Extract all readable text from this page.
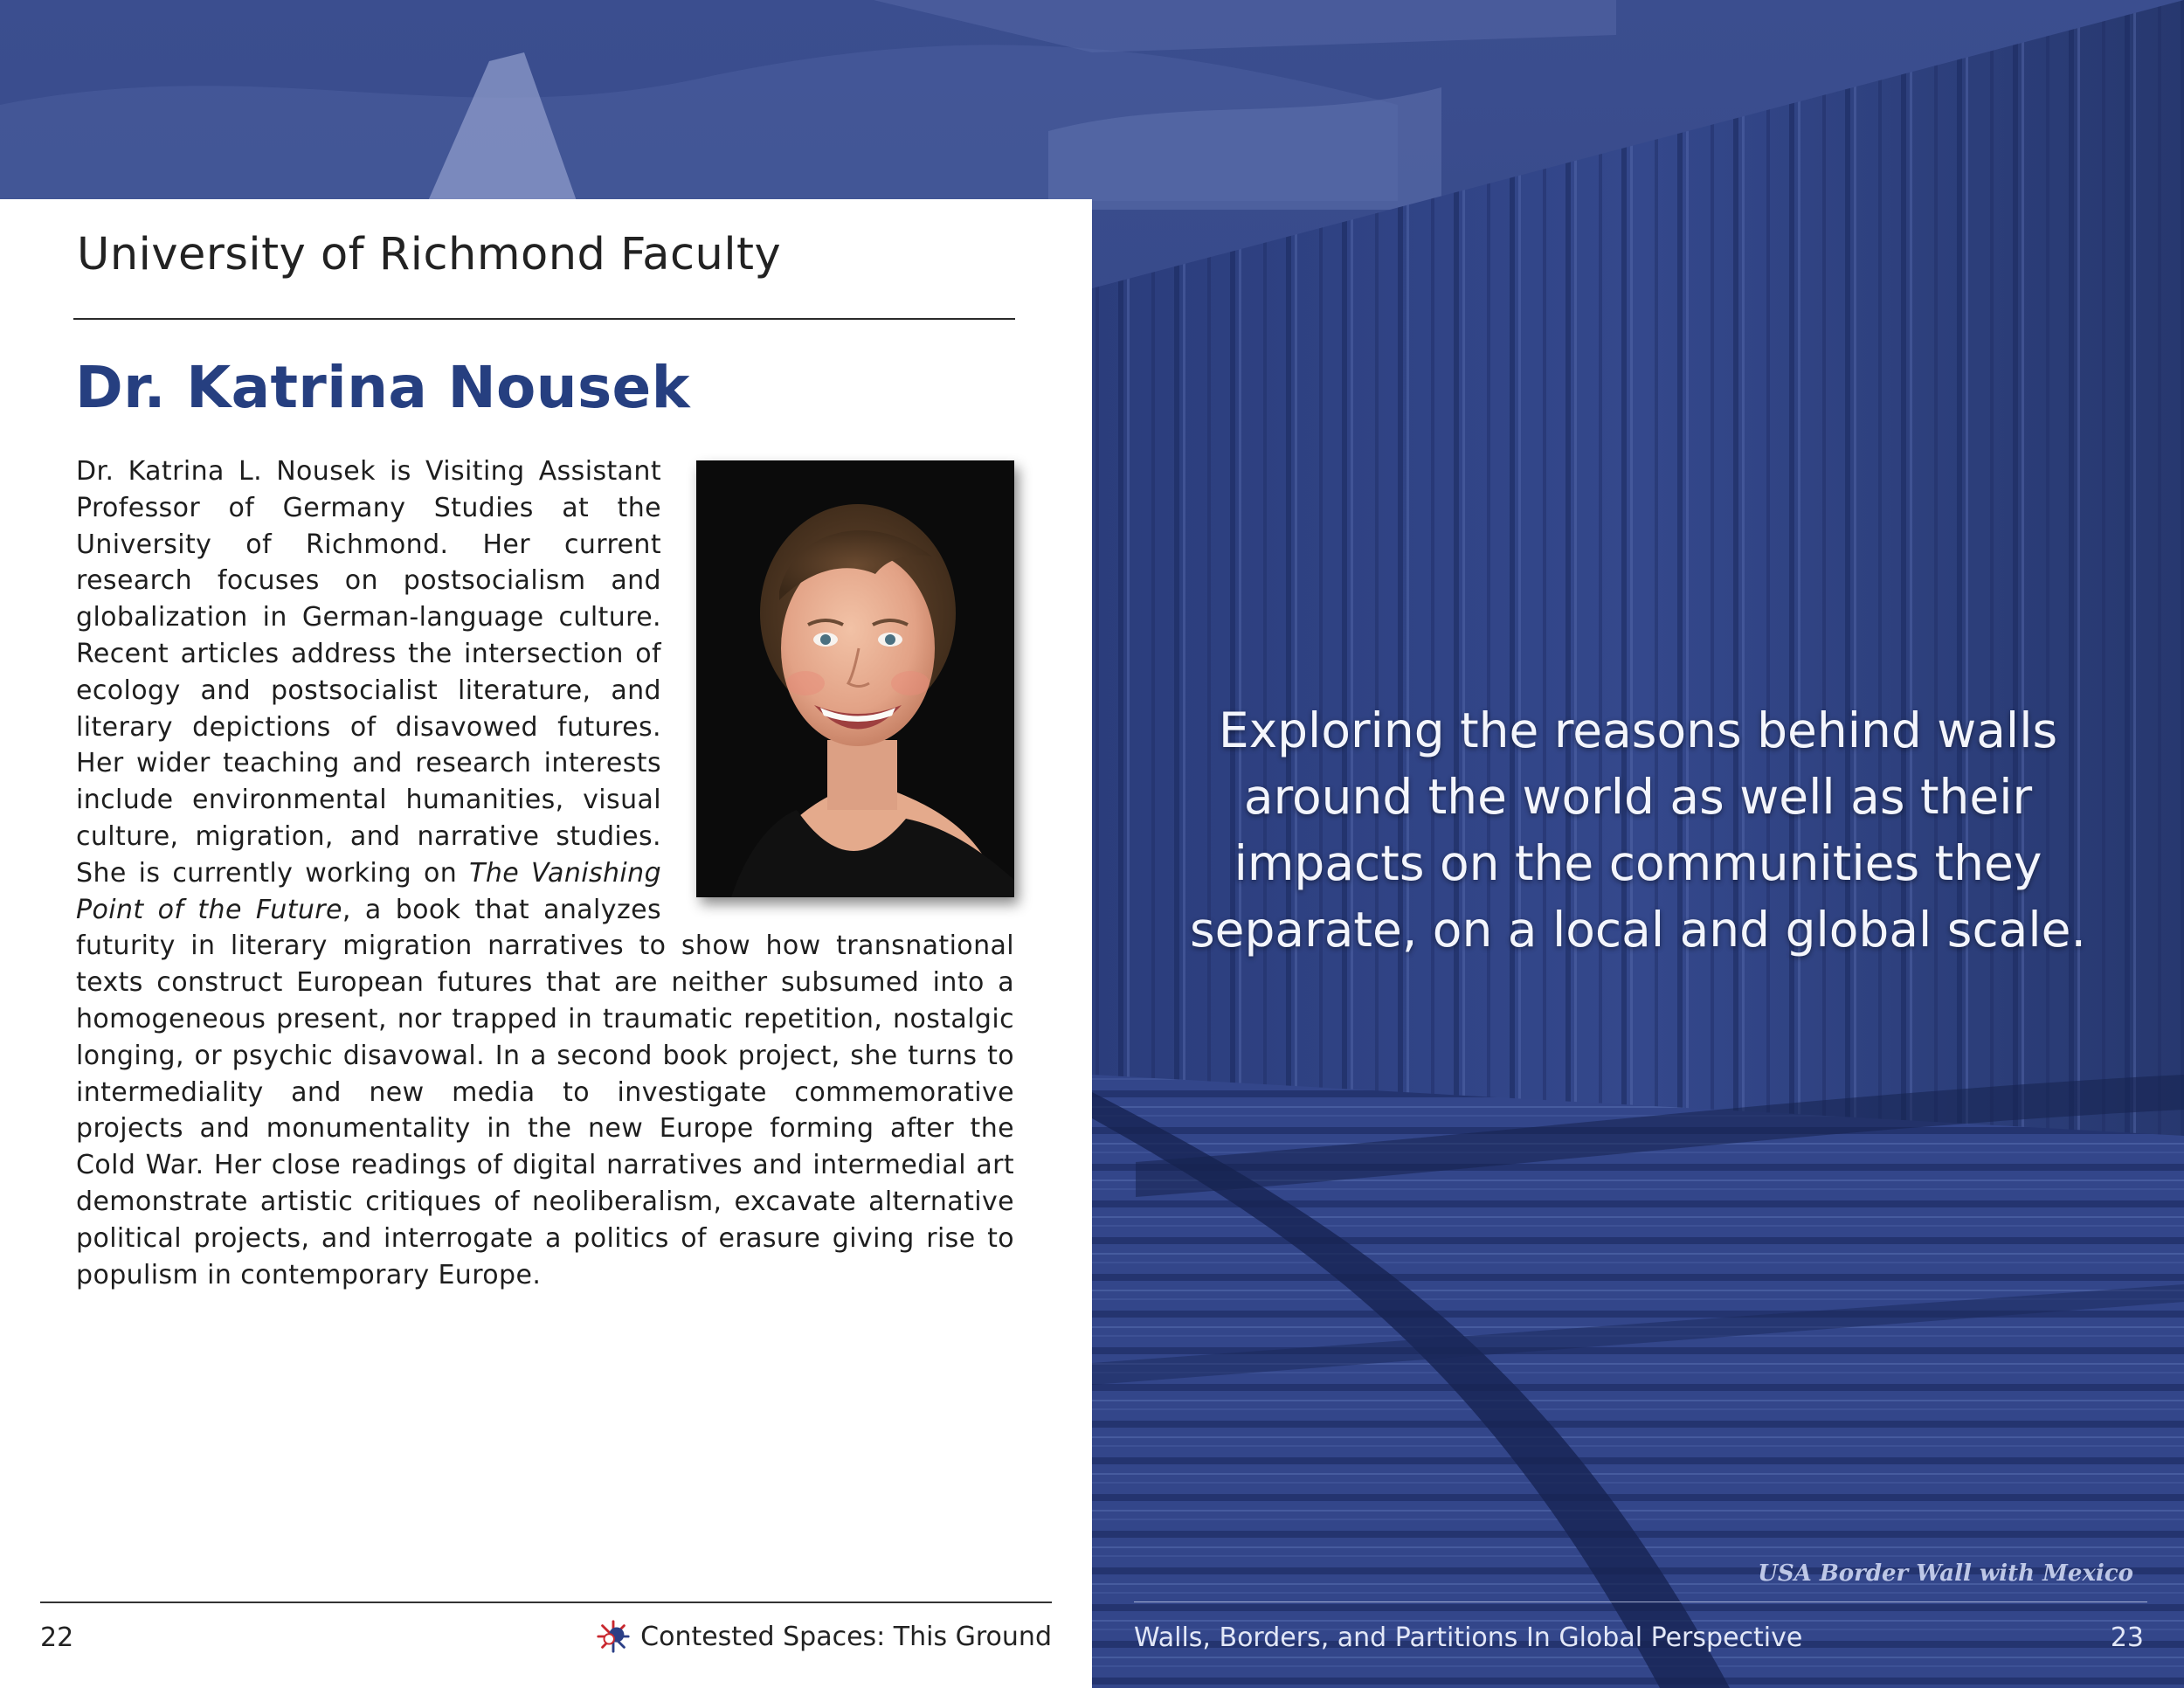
University of Richmond Faculty
Dr. Katrina Nousek
Dr. Katrina L. Nousek is Visiting Assistant Professor of Germany Studies at the University of Richmond. Her current research focuses on postsocialism and globalization in German-language culture. Recent articles address the intersection of ecology and postsocialist literature, and literary depictions of disavowed futures. Her wider teaching and research interests include environmental humanities, visual culture, migration, and narrative studies. She is currently working on The Vanishing Point of the Future, a book that analyzes futurity in literary migration narratives to show how transnational texts construct European futures that are neither subsumed into a homogeneous present, nor trapped in traumatic repetition, nostalgic longing, or psychic disavowal. In a second book project, she turns to intermediality and new media to investigate commemorative projects and monumentality in the new Europe forming after the Cold War. Her close readings of digital narratives and intermedial art demonstrate artistic critiques of neoliberalism, excavate alternative political projects, and interrogate a politics of erasure giving rise to populism in contemporary Europe.

Exploring the reasons behind walls around the world as well as their impacts on the communities they separate, on a local and global scale.

USA Border Wall with Mexico
22	Contested Spaces: This Ground	Walls, Borders, and Partitions In Global Perspective	23
